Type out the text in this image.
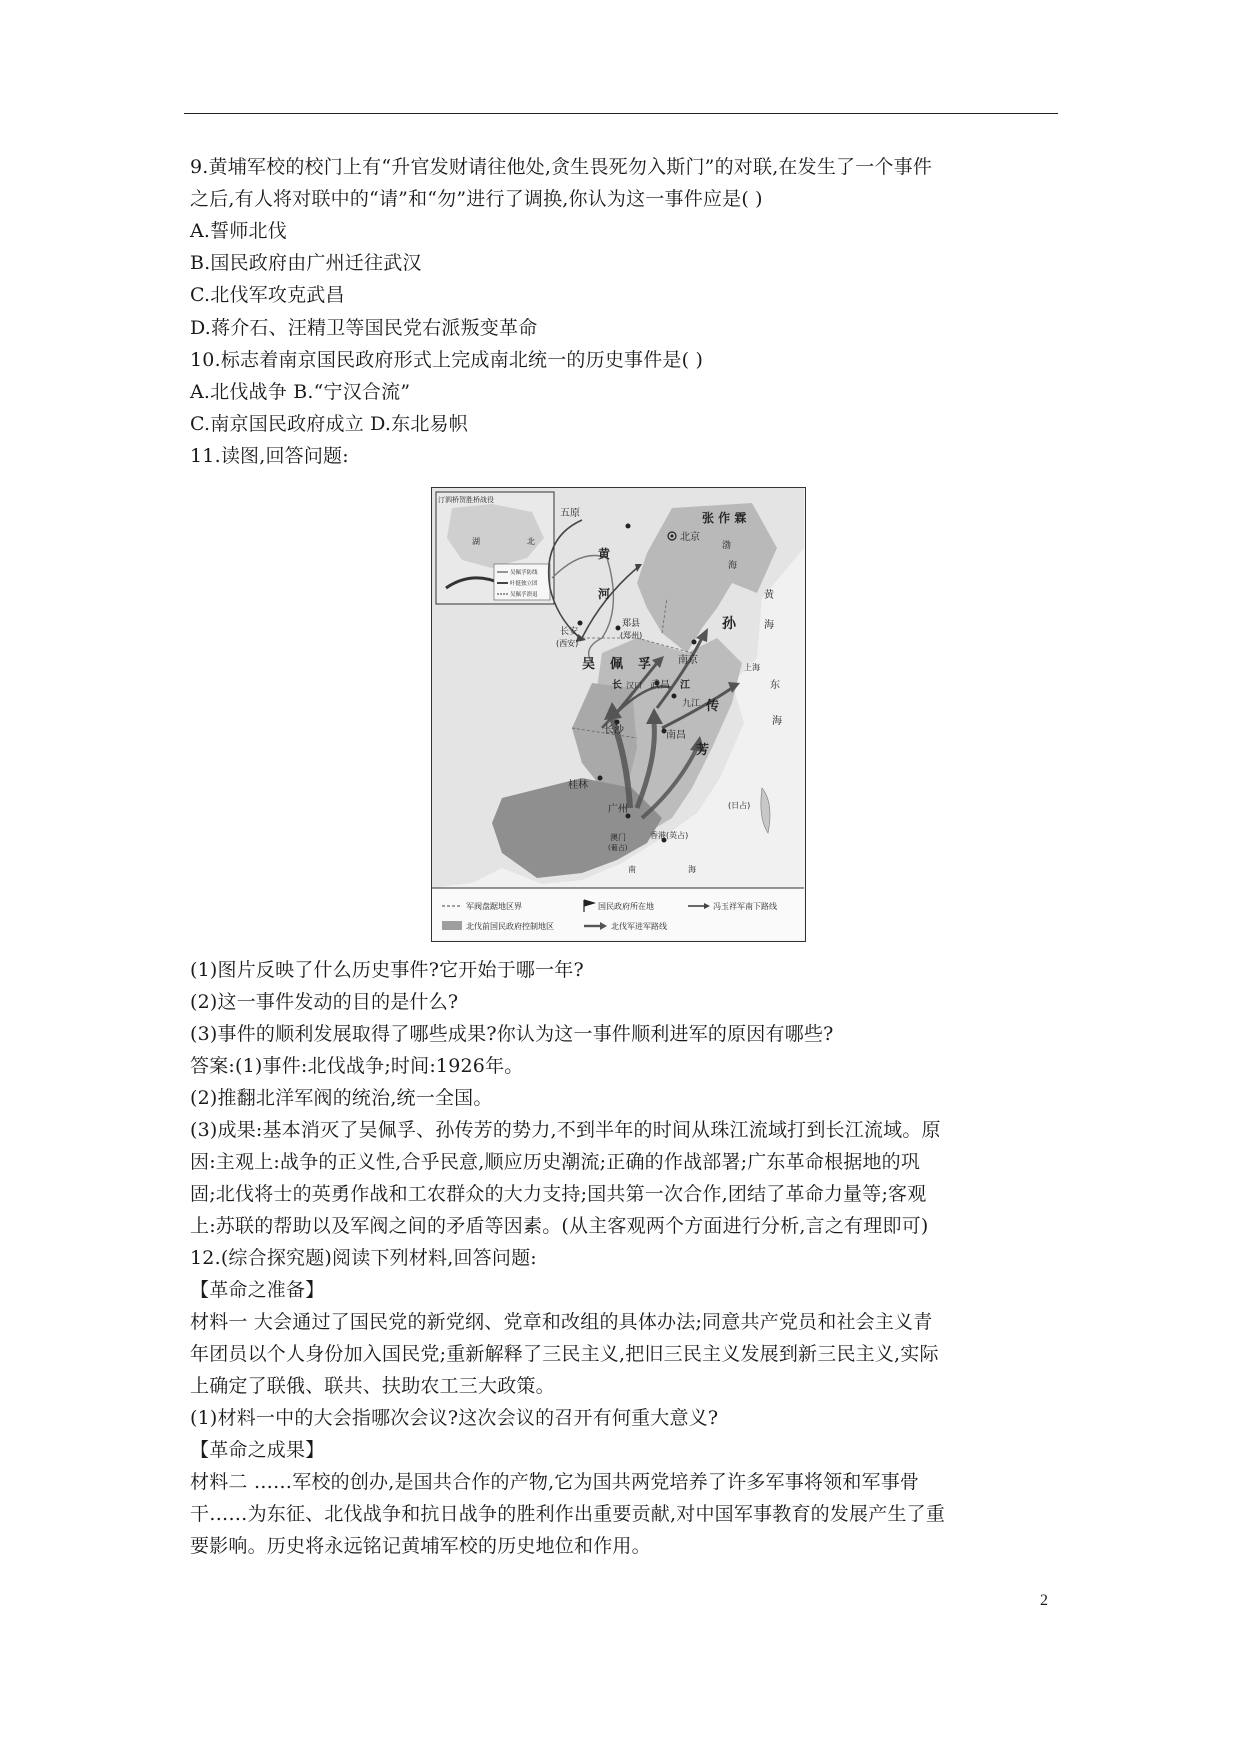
9.黄埔军校的校门上有“升官发财请往他处,贪生畏死勿入斯门”的对联,在发生了一个事件
之后,有人将对联中的“请”和“勿”进行了调换,你认为这一事件应是( )
A.誓师北伐
B.国民政府由广州迁往武汉
C.北伐军攻克武昌
D.蒋介石、汪精卫等国民党右派叛变革命
10.标志着南京国民政府形式上完成南北统一的历史事件是( )
A.北伐战争 B.“宁汉合流”
C.南京国民政府成立 D.东北易帜
11.读图,回答问题:
汀泗桥贺胜桥战役
湖	北
吴佩孚防线
叶挺独立团
吴佩孚溃退
五原	张 作 霖
北京
渤
海
黄
河
长安
(西安)
郑县
(郑州)
黄
海
孙
吴 佩 孚	南京
上海
长 汉口 武昌 江
九江 传
东
海
长沙	南昌
芳
桂林
(日占)
广州
澳门
(葡占)
香港(英占)
南	海
军阀盘踞地区界	国民政府所在地	冯玉祥军南下路线
北伐前国民政府控制地区	北伐军进军路线
(1)图片反映了什么历史事件?它开始于哪一年?
(2)这一事件发动的目的是什么?
(3)事件的顺利发展取得了哪些成果?你认为这一事件顺利进军的原因有哪些?
答案:(1)事件:北伐战争;时间:1926年。
(2)推翻北洋军阀的统治,统一全国。
(3)成果:基本消灭了吴佩孚、孙传芳的势力,不到半年的时间从珠江流域打到长江流域。原
因:主观上:战争的正义性,合乎民意,顺应历史潮流;正确的作战部署;广东革命根据地的巩
固;北伐将士的英勇作战和工农群众的大力支持;国共第一次合作,团结了革命力量等;客观
上:苏联的帮助以及军阀之间的矛盾等因素。(从主客观两个方面进行分析,言之有理即可)
12.(综合探究题)阅读下列材料,回答问题:
【革命之准备】
材料一 大会通过了国民党的新党纲、党章和改组的具体办法;同意共产党员和社会主义青
年团员以个人身份加入国民党;重新解释了三民主义,把旧三民主义发展到新三民主义,实际
上确定了联俄、联共、扶助农工三大政策。
(1)材料一中的大会指哪次会议?这次会议的召开有何重大意义?
【革命之成果】
材料二 ……军校的创办,是国共合作的产物,它为国共两党培养了许多军事将领和军事骨
干……为东征、北伐战争和抗日战争的胜利作出重要贡献,对中国军事教育的发展产生了重
要影响。历史将永远铭记黄埔军校的历史地位和作用。
2
